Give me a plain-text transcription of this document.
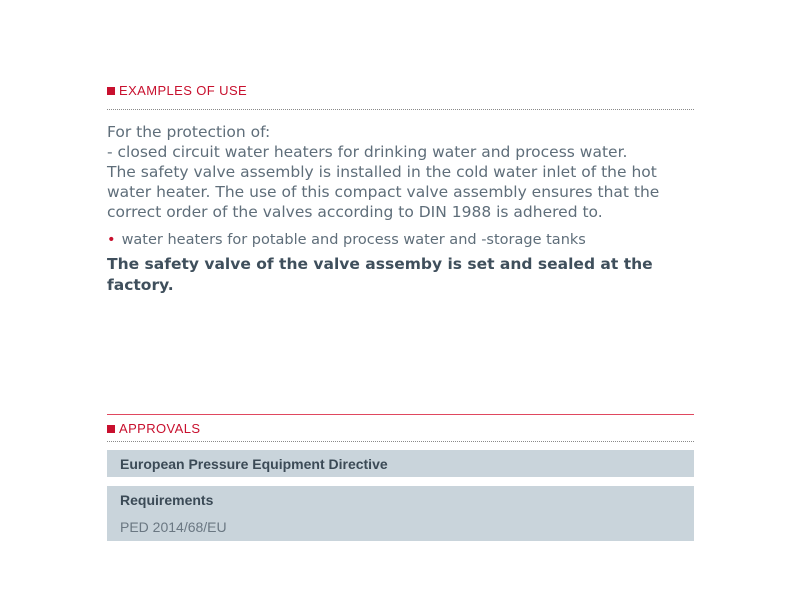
EXAMPLES OF USE

For the protection of:

- closed circuit water heaters for drinking water and process water.

The safety valve assembly is installed in the cold water inlet of the hot

water heater. The use of this compact valve assembly ensures that the

correct order of the valves according to DIN 1988 is adhered to.

• water heaters for potable and process water and -storage tanks
The safety valve of the valve assemby is set and sealed at the factory.
APPROVALS
European Pressure Equipment Directive
Requirements
PED 2014/68/EU
